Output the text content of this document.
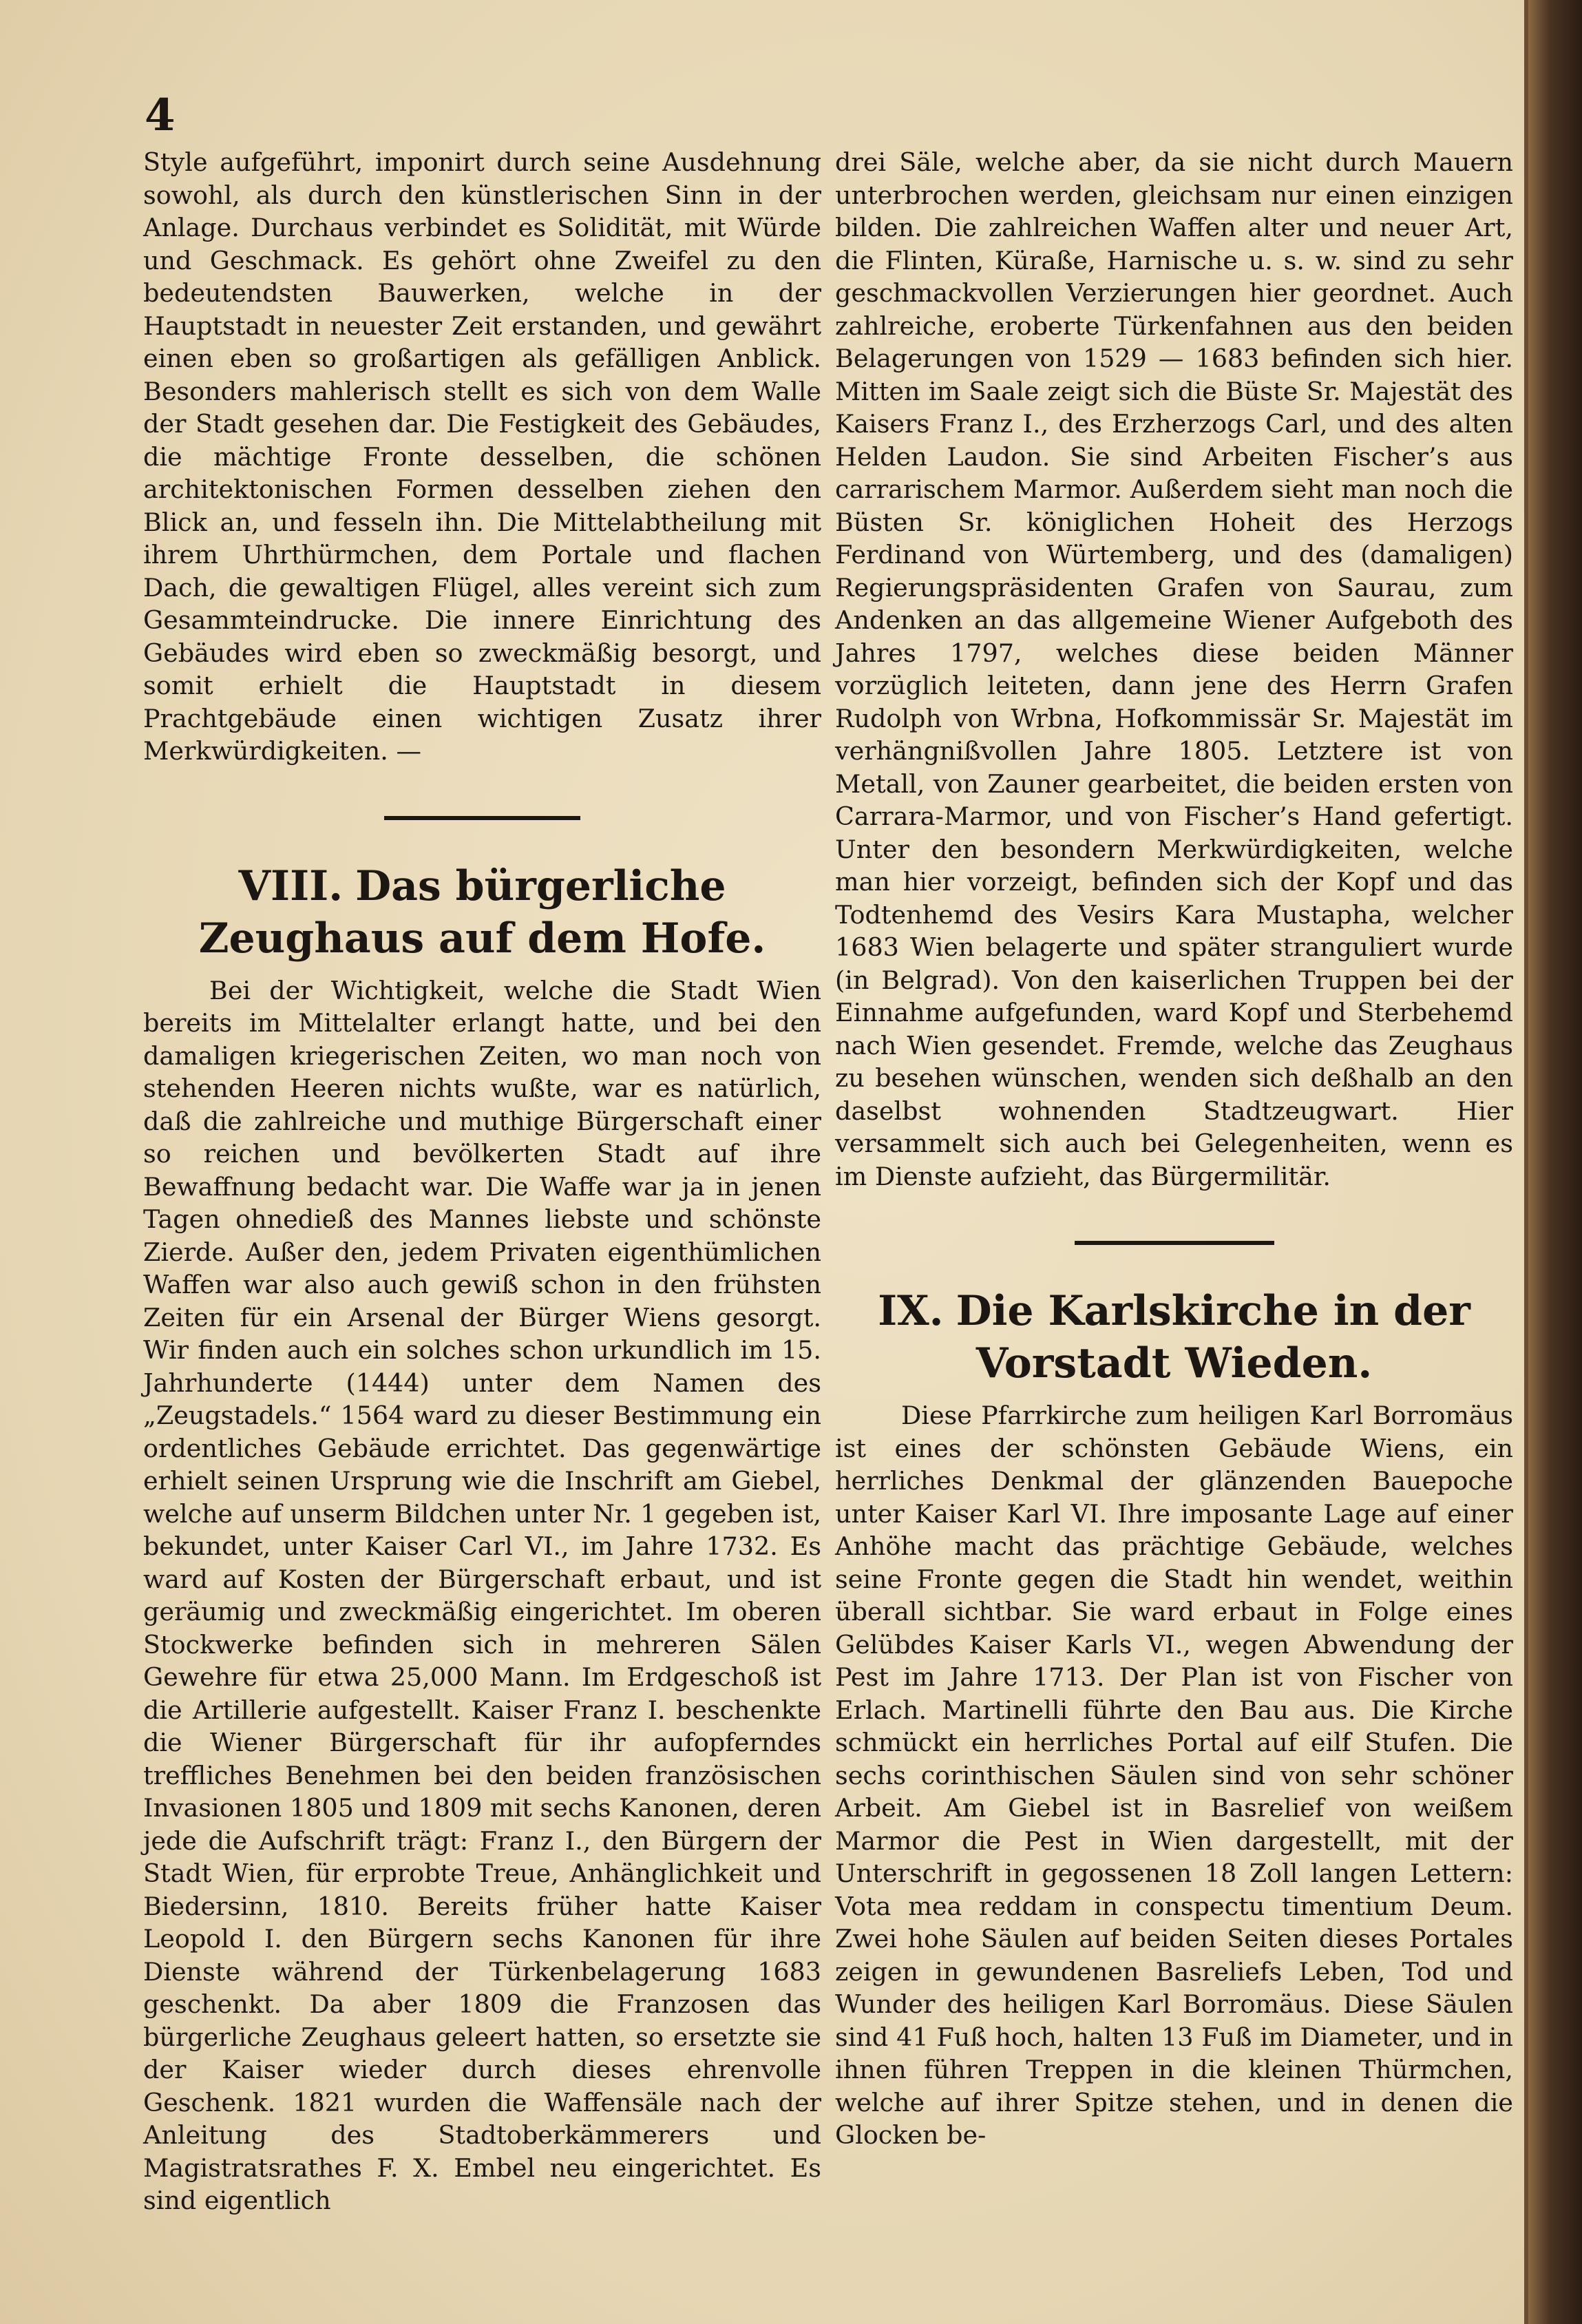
4

Style aufgeführt, imponirt durch seine Ausdehnung sowohl, als durch den künstlerischen Sinn in der Anlage. Durchaus verbindet es Solidität, mit Würde und Geschmack. Es gehört ohne Zweifel zu den bedeutendsten Bauwerken, welche in der Hauptstadt in neuester Zeit erstanden, und gewährt einen eben so großartigen als gefälligen Anblick. Besonders mahlerisch stellt es sich von dem Walle der Stadt gesehen dar. Die Festigkeit des Gebäudes, die mächtige Fronte desselben, die schönen architektonischen Formen desselben ziehen den Blick an, und fesseln ihn. Die Mittelabtheilung mit ihrem Uhrthürmchen, dem Portale und flachen Dach, die gewaltigen Flügel, alles vereint sich zum Gesammteindrucke. Die innere Einrichtung des Gebäudes wird eben so zweckmäßig besorgt, und somit erhielt die Hauptstadt in diesem Prachtgebäude einen wichtigen Zusatz ihrer Merkwürdigkeiten. —

VIII. Das bürgerliche Zeughaus auf dem Hofe.

Bei der Wichtigkeit, welche die Stadt Wien bereits im Mittelalter erlangt hatte, und bei den damaligen kriegerischen Zeiten, wo man noch von stehenden Heeren nichts wußte, war es natürlich, daß die zahlreiche und muthige Bürgerschaft einer so reichen und bevölkerten Stadt auf ihre Bewaffnung bedacht war. Die Waffe war ja in jenen Tagen ohnedieß des Mannes liebste und schönste Zierde. Außer den, jedem Privaten eigenthümlichen Waffen war also auch gewiß schon in den frühsten Zeiten für ein Arsenal der Bürger Wiens gesorgt. Wir finden auch ein solches schon urkundlich im 15. Jahrhunderte (1444) unter dem Namen des „Zeugstadels.“ 1564 ward zu dieser Bestimmung ein ordentliches Gebäude errichtet. Das gegenwärtige erhielt seinen Ursprung wie die Inschrift am Giebel, welche auf unserm Bildchen unter Nr. 1 gegeben ist, bekundet, unter Kaiser Carl VI., im Jahre 1732. Es ward auf Kosten der Bürgerschaft erbaut, und ist geräumig und zweckmäßig eingerichtet. Im oberen Stockwerke befinden sich in mehreren Sälen Gewehre für etwa 25,000 Mann. Im Erdgeschoß ist die Artillerie aufgestellt. Kaiser Franz I. beschenkte die Wiener Bürgerschaft für ihr aufopferndes treffliches Benehmen bei den beiden französischen Invasionen 1805 und 1809 mit sechs Kanonen, deren jede die Aufschrift trägt: Franz I., den Bürgern der Stadt Wien, für erprobte Treue, Anhänglichkeit und Biedersinn, 1810. Bereits früher hatte Kaiser Leopold I. den Bürgern sechs Kanonen für ihre Dienste während der Türkenbelagerung 1683 geschenkt. Da aber 1809 die Franzosen das bürgerliche Zeughaus geleert hatten, so ersetzte sie der Kaiser wieder durch dieses ehrenvolle Geschenk. 1821 wurden die Waffensäle nach der Anleitung des Stadtoberkämmerers und Magistratsrathes F. X. Embel neu eingerichtet. Es sind eigentlich

drei Säle, welche aber, da sie nicht durch Mauern unterbrochen werden, gleichsam nur einen einzigen bilden. Die zahlreichen Waffen alter und neuer Art, die Flinten, Küraße, Harnische u. s. w. sind zu sehr geschmackvollen Verzierungen hier geordnet. Auch zahlreiche, eroberte Türkenfahnen aus den beiden Belagerungen von 1529 — 1683 befinden sich hier. Mitten im Saale zeigt sich die Büste Sr. Majestät des Kaisers Franz I., des Erzherzogs Carl, und des alten Helden Laudon. Sie sind Arbeiten Fischer’s aus carrarischem Marmor. Außerdem sieht man noch die Büsten Sr. königlichen Hoheit des Herzogs Ferdinand von Würtemberg, und des (damaligen) Regierungspräsidenten Grafen von Saurau, zum Andenken an das allgemeine Wiener Aufgeboth des Jahres 1797, welches diese beiden Männer vorzüglich leiteten, dann jene des Herrn Grafen Rudolph von Wrbna, Hofkommissär Sr. Majestät im verhängnißvollen Jahre 1805. Letztere ist von Metall, von Zauner gearbeitet, die beiden ersten von Carrara-Marmor, und von Fischer’s Hand gefertigt. Unter den besondern Merkwürdigkeiten, welche man hier vorzeigt, befinden sich der Kopf und das Todtenhemd des Vesirs Kara Mustapha, welcher 1683 Wien belagerte und später stranguliert wurde (in Belgrad). Von den kaiserlichen Truppen bei der Einnahme aufgefunden, ward Kopf und Sterbehemd nach Wien gesendet. Fremde, welche das Zeughaus zu besehen wünschen, wenden sich deßhalb an den daselbst wohnenden Stadtzeugwart. Hier versammelt sich auch bei Gelegenheiten, wenn es im Dienste aufzieht, das Bürgermilitär.

IX. Die Karlskirche in der Vorstadt Wieden.

Diese Pfarrkirche zum heiligen Karl Borromäus ist eines der schönsten Gebäude Wiens, ein herrliches Denkmal der glänzenden Bauepoche unter Kaiser Karl VI. Ihre imposante Lage auf einer Anhöhe macht das prächtige Gebäude, welches seine Fronte gegen die Stadt hin wendet, weithin überall sichtbar. Sie ward erbaut in Folge eines Gelübdes Kaiser Karls VI., wegen Abwendung der Pest im Jahre 1713. Der Plan ist von Fischer von Erlach. Martinelli führte den Bau aus. Die Kirche schmückt ein herrliches Portal auf eilf Stufen. Die sechs corinthischen Säulen sind von sehr schöner Arbeit. Am Giebel ist in Basrelief von weißem Marmor die Pest in Wien dargestellt, mit der Unterschrift in gegossenen 18 Zoll langen Lettern: Vota mea reddam in conspectu timentium Deum. Zwei hohe Säulen auf beiden Seiten dieses Portales zeigen in gewundenen Basreliefs Leben, Tod und Wunder des heiligen Karl Borromäus. Diese Säulen sind 41 Fuß hoch, halten 13 Fuß im Diameter, und in ihnen führen Treppen in die kleinen Thürmchen, welche auf ihrer Spitze stehen, und in denen die Glocken be-
